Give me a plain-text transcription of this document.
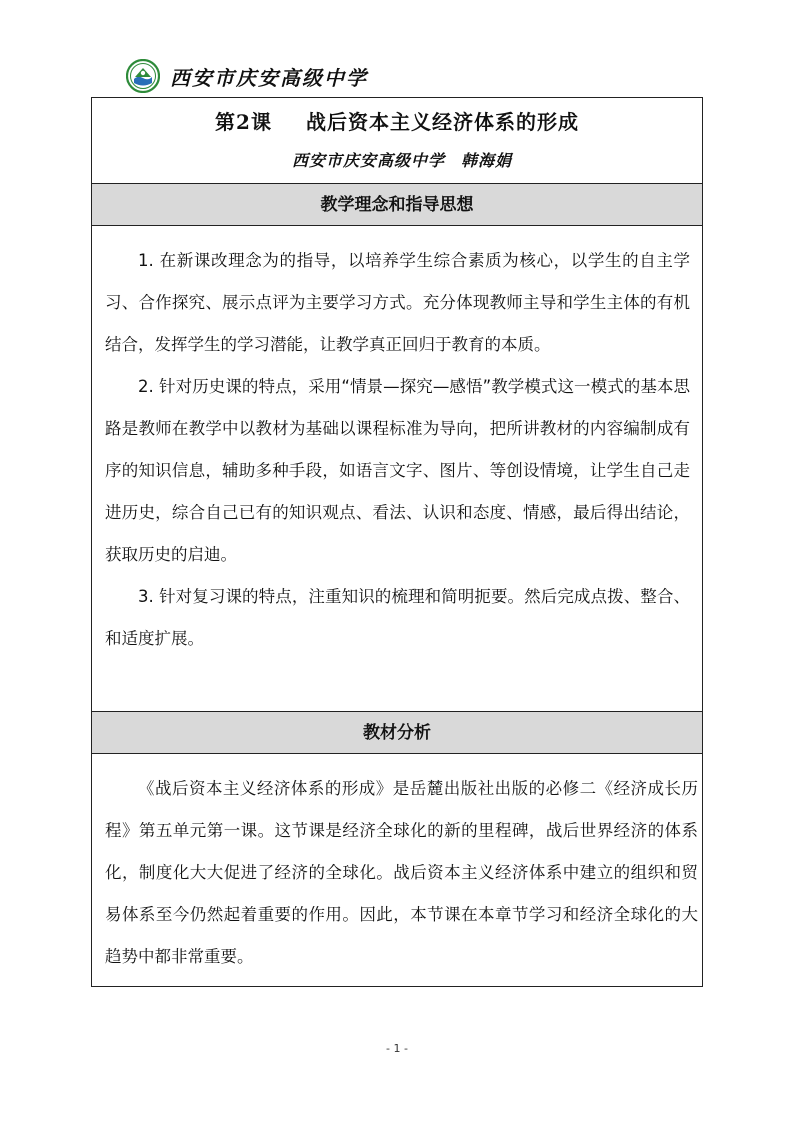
西安市庆安高级中学
第2课 战后资本主义经济体系的形成
西安市庆安高级中学 韩海娟
教学理念和指导思想

1. 在新课改理念为的指导，以培养学生综合素质为核心，以学生的自主学习、合作探究、展示点评为主要学习方式。充分体现教师主导和学生主体的有机结合，发挥学生的学习潜能，让教学真正回归于教育的本质。

2. 针对历史课的特点，采用“情景—探究—感悟”教学模式这一模式的基本思路是教师在教学中以教材为基础以课程标准为导向，把所讲教材的内容编制成有序的知识信息，辅助多种手段，如语言文字、图片、等创设情境，让学生自己走进历史，综合自己已有的知识观点、看法、认识和态度、情感，最后得出结论，获取历史的启迪。

3. 针对复习课的特点，注重知识的梳理和简明扼要。然后完成点拨、整合、和适度扩展。

教材分析

《战后资本主义经济体系的形成》是岳麓出版社出版的必修二《经济成长历程》第五单元第一课。这节课是经济全球化的新的里程碑，战后世界经济的体系化，制度化大大促进了经济的全球化。战后资本主义经济体系中建立的组织和贸易体系至今仍然起着重要的作用。因此，本节课在本章节学习和经济全球化的大趋势中都非常重要。

- 1 -
